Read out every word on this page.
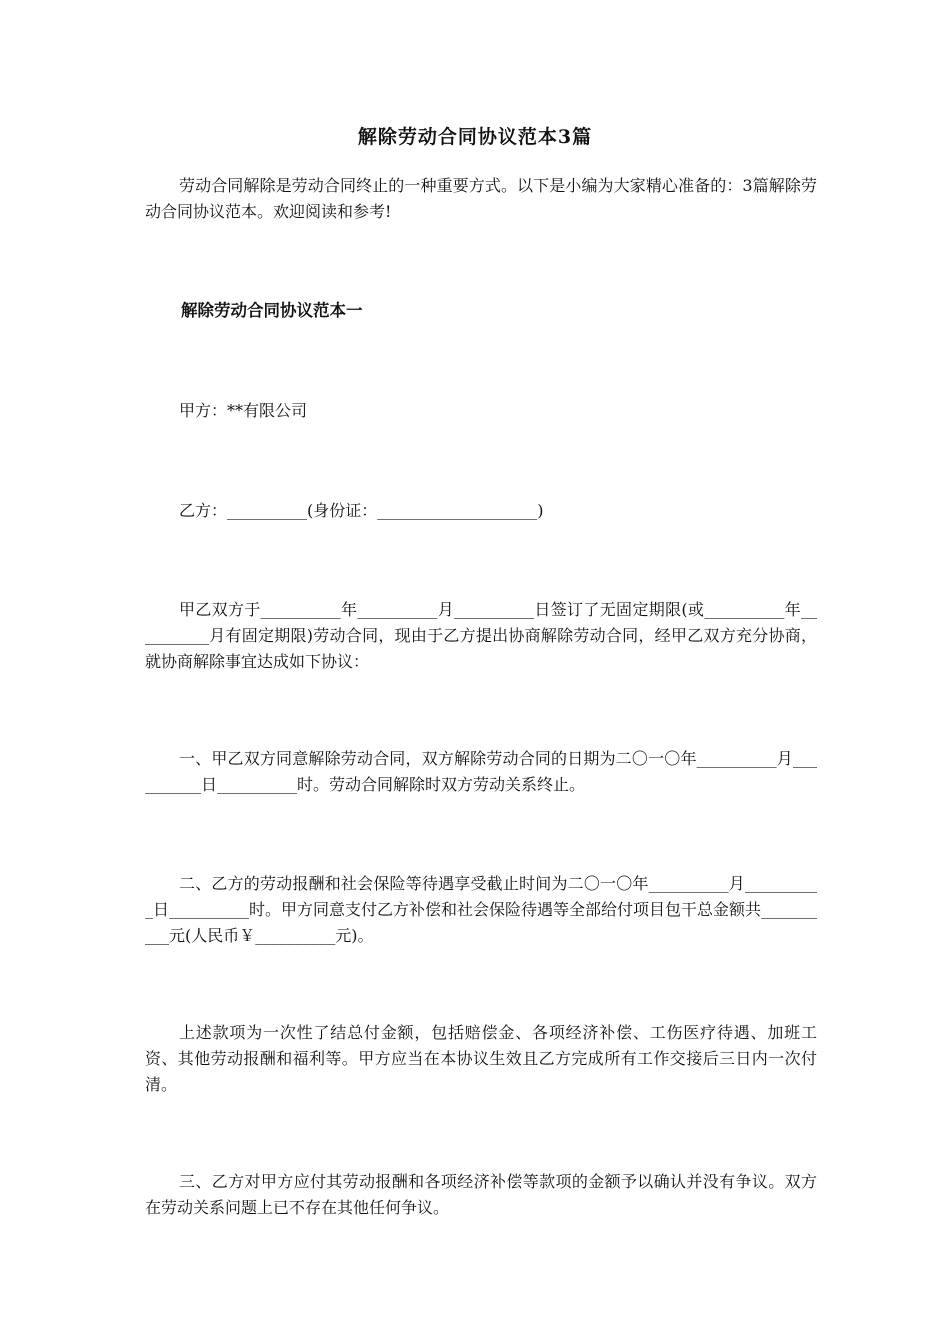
解除劳动合同协议范本3篇
劳动合同解除是劳动合同终止的一种重要方式。以下是小编为大家精心准备的：3篇解除劳动合同协议范本。欢迎阅读和参考!
解除劳动合同协议范本一
甲方：**有限公司
乙方：__________(身份证：____________________)
甲乙双方于__________年__________月__________日签订了无固定期限(或__________年__________月有固定期限)劳动合同，现由于乙方提出协商解除劳动合同，经甲乙双方充分协商，就协商解除事宜达成如下协议：
一、甲乙双方同意解除劳动合同，双方解除劳动合同的日期为二〇一〇年__________月__________日__________时。劳动合同解除时双方劳动关系终止。
二、乙方的劳动报酬和社会保险等待遇享受截止时间为二〇一〇年__________月__________日__________时。甲方同意支付乙方补偿和社会保险待遇等全部给付项目包干总金额共__________元(人民币￥__________元)。
上述款项为一次性了结总付金额，包括赔偿金、各项经济补偿、工伤医疗待遇、加班工资、其他劳动报酬和福利等。甲方应当在本协议生效且乙方完成所有工作交接后三日内一次付清。
三、乙方对甲方应付其劳动报酬和各项经济补偿等款项的金额予以确认并没有争议。双方在劳动关系问题上已不存在其他任何争议。
